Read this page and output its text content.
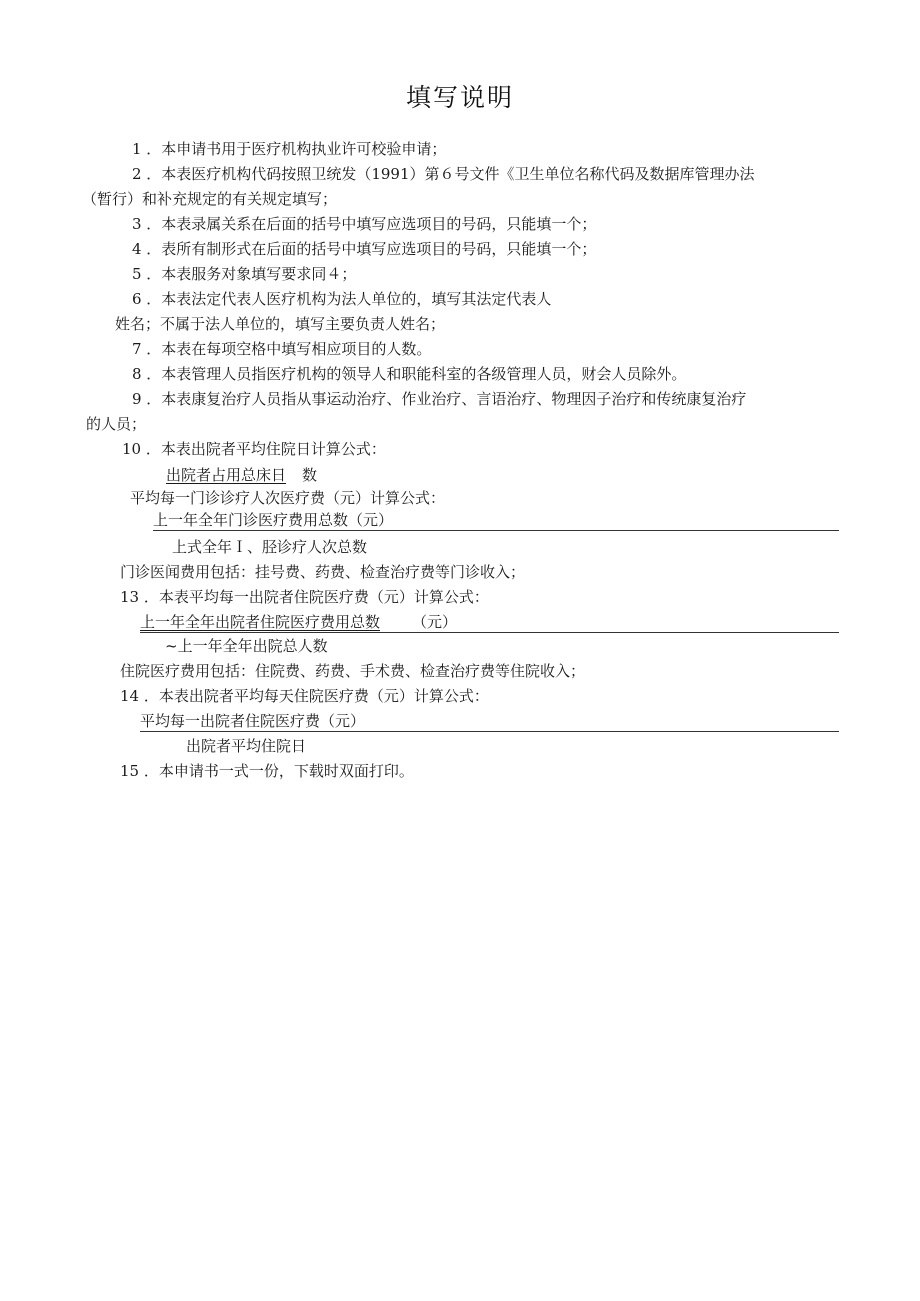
填写说明
1 ．本申请书用于医疗机构执业许可校验申请；
2 ．本表医疗机构代码按照卫统发（1991）第６号文件《卫生单位名称代码及数据库管理办法
（暂行）和补充规定的有关规定填写；
3 ．本表录属关系在后面的括号中填写应选项目的号码，只能填一个；
4 ．表所有制形式在后面的括号中填写应选项目的号码，只能填一个；
5 ．本表服务对象填写要求同４；
6 ．本表法定代表人医疗机构为法人单位的，填写其法定代表人
姓名；不属于法人单位的，填写主要负责人姓名；
7 ．本表在每项空格中填写相应项目的人数。
8 ．本表管理人员指医疗机构的领导人和职能科室的各级管理人员，财会人员除外。
9 ．本表康复治疗人员指从事运动治疗、作业治疗、言语治疗、物理因子治疗和传统康复治疗
的人员；
10 ．本表出院者平均住院日计算公式：
出院者占用总床日 数
平均每一门诊诊疗人次医疗费（元）计算公式：
上一年全年门诊医疗费用总数（元）
上式全年Ｉ、胫诊疗人次总数
门诊医闻费用包括：挂号费、药费、检查治疗费等门诊收入；
13 ．本表平均每一出院者住院医疗费（元）计算公式：
上一年全年出院者住院医疗费用总数 （元）
~上一年全年出院总人数
住院医疗费用包括：住院费、药费、手术费、检查治疗费等住院收入；
14 ．本表出院者平均每天住院医疗费（元）计算公式：
平均每一出院者住院医疗费（元）
出院者平均住院日
15 ．本申请书一式一份，下载时双面打印。
